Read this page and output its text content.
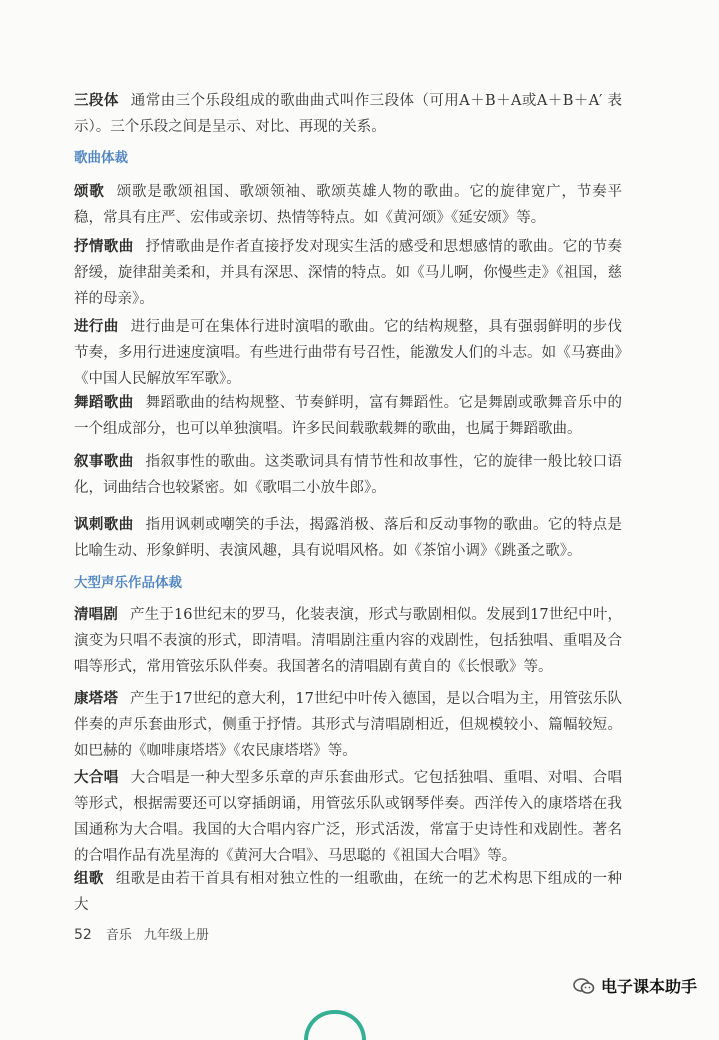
三段体 通常由三个乐段组成的歌曲曲式叫作三段体（可用A＋B＋A或A＋B＋A′ 表示）。三个乐段之间是呈示、对比、再现的关系。
歌曲体裁
颂歌 颂歌是歌颂祖国、歌颂领袖、歌颂英雄人物的歌曲。它的旋律宽广，节奏平稳，常具有庄严、宏伟或亲切、热情等特点。如《黄河颂》《延安颂》等。
抒情歌曲 抒情歌曲是作者直接抒发对现实生活的感受和思想感情的歌曲。它的节奏舒缓，旋律甜美柔和，并具有深思、深情的特点。如《马儿啊，你慢些走》《祖国，慈祥的母亲》。
进行曲 进行曲是可在集体行进时演唱的歌曲。它的结构规整，具有强弱鲜明的步伐节奏，多用行进速度演唱。有些进行曲带有号召性，能激发人们的斗志。如《马赛曲》《中国人民解放军军歌》。
舞蹈歌曲 舞蹈歌曲的结构规整、节奏鲜明，富有舞蹈性。它是舞剧或歌舞音乐中的一个组成部分，也可以单独演唱。许多民间载歌载舞的歌曲，也属于舞蹈歌曲。
叙事歌曲 指叙事性的歌曲。这类歌词具有情节性和故事性，它的旋律一般比较口语化，词曲结合也较紧密。如《歌唱二小放牛郎》。
讽刺歌曲 指用讽刺或嘲笑的手法，揭露消极、落后和反动事物的歌曲。它的特点是比喻生动、形象鲜明、表演风趣，具有说唱风格。如《茶馆小调》《跳蚤之歌》。
大型声乐作品体裁
清唱剧 产生于16世纪末的罗马，化装表演，形式与歌剧相似。发展到17世纪中叶，演变为只唱不表演的形式，即清唱。清唱剧注重内容的戏剧性，包括独唱、重唱及合唱等形式，常用管弦乐队伴奏。我国著名的清唱剧有黄自的《长恨歌》等。
康塔塔 产生于17世纪的意大利，17世纪中叶传入德国，是以合唱为主，用管弦乐队伴奏的声乐套曲形式，侧重于抒情。其形式与清唱剧相近，但规模较小、篇幅较短。如巴赫的《咖啡康塔塔》《农民康塔塔》等。
大合唱 大合唱是一种大型多乐章的声乐套曲形式。它包括独唱、重唱、对唱、合唱等形式，根据需要还可以穿插朗诵，用管弦乐队或钢琴伴奏。西洋传入的康塔塔在我国通称为大合唱。我国的大合唱内容广泛，形式活泼，常富于史诗性和戏剧性。著名的合唱作品有冼星海的《黄河大合唱》、马思聪的《祖国大合唱》等。
组歌 组歌是由若干首具有相对独立性的一组歌曲，在统一的艺术构思下组成的一种大
52 音乐 九年级上册
电子课本助手
